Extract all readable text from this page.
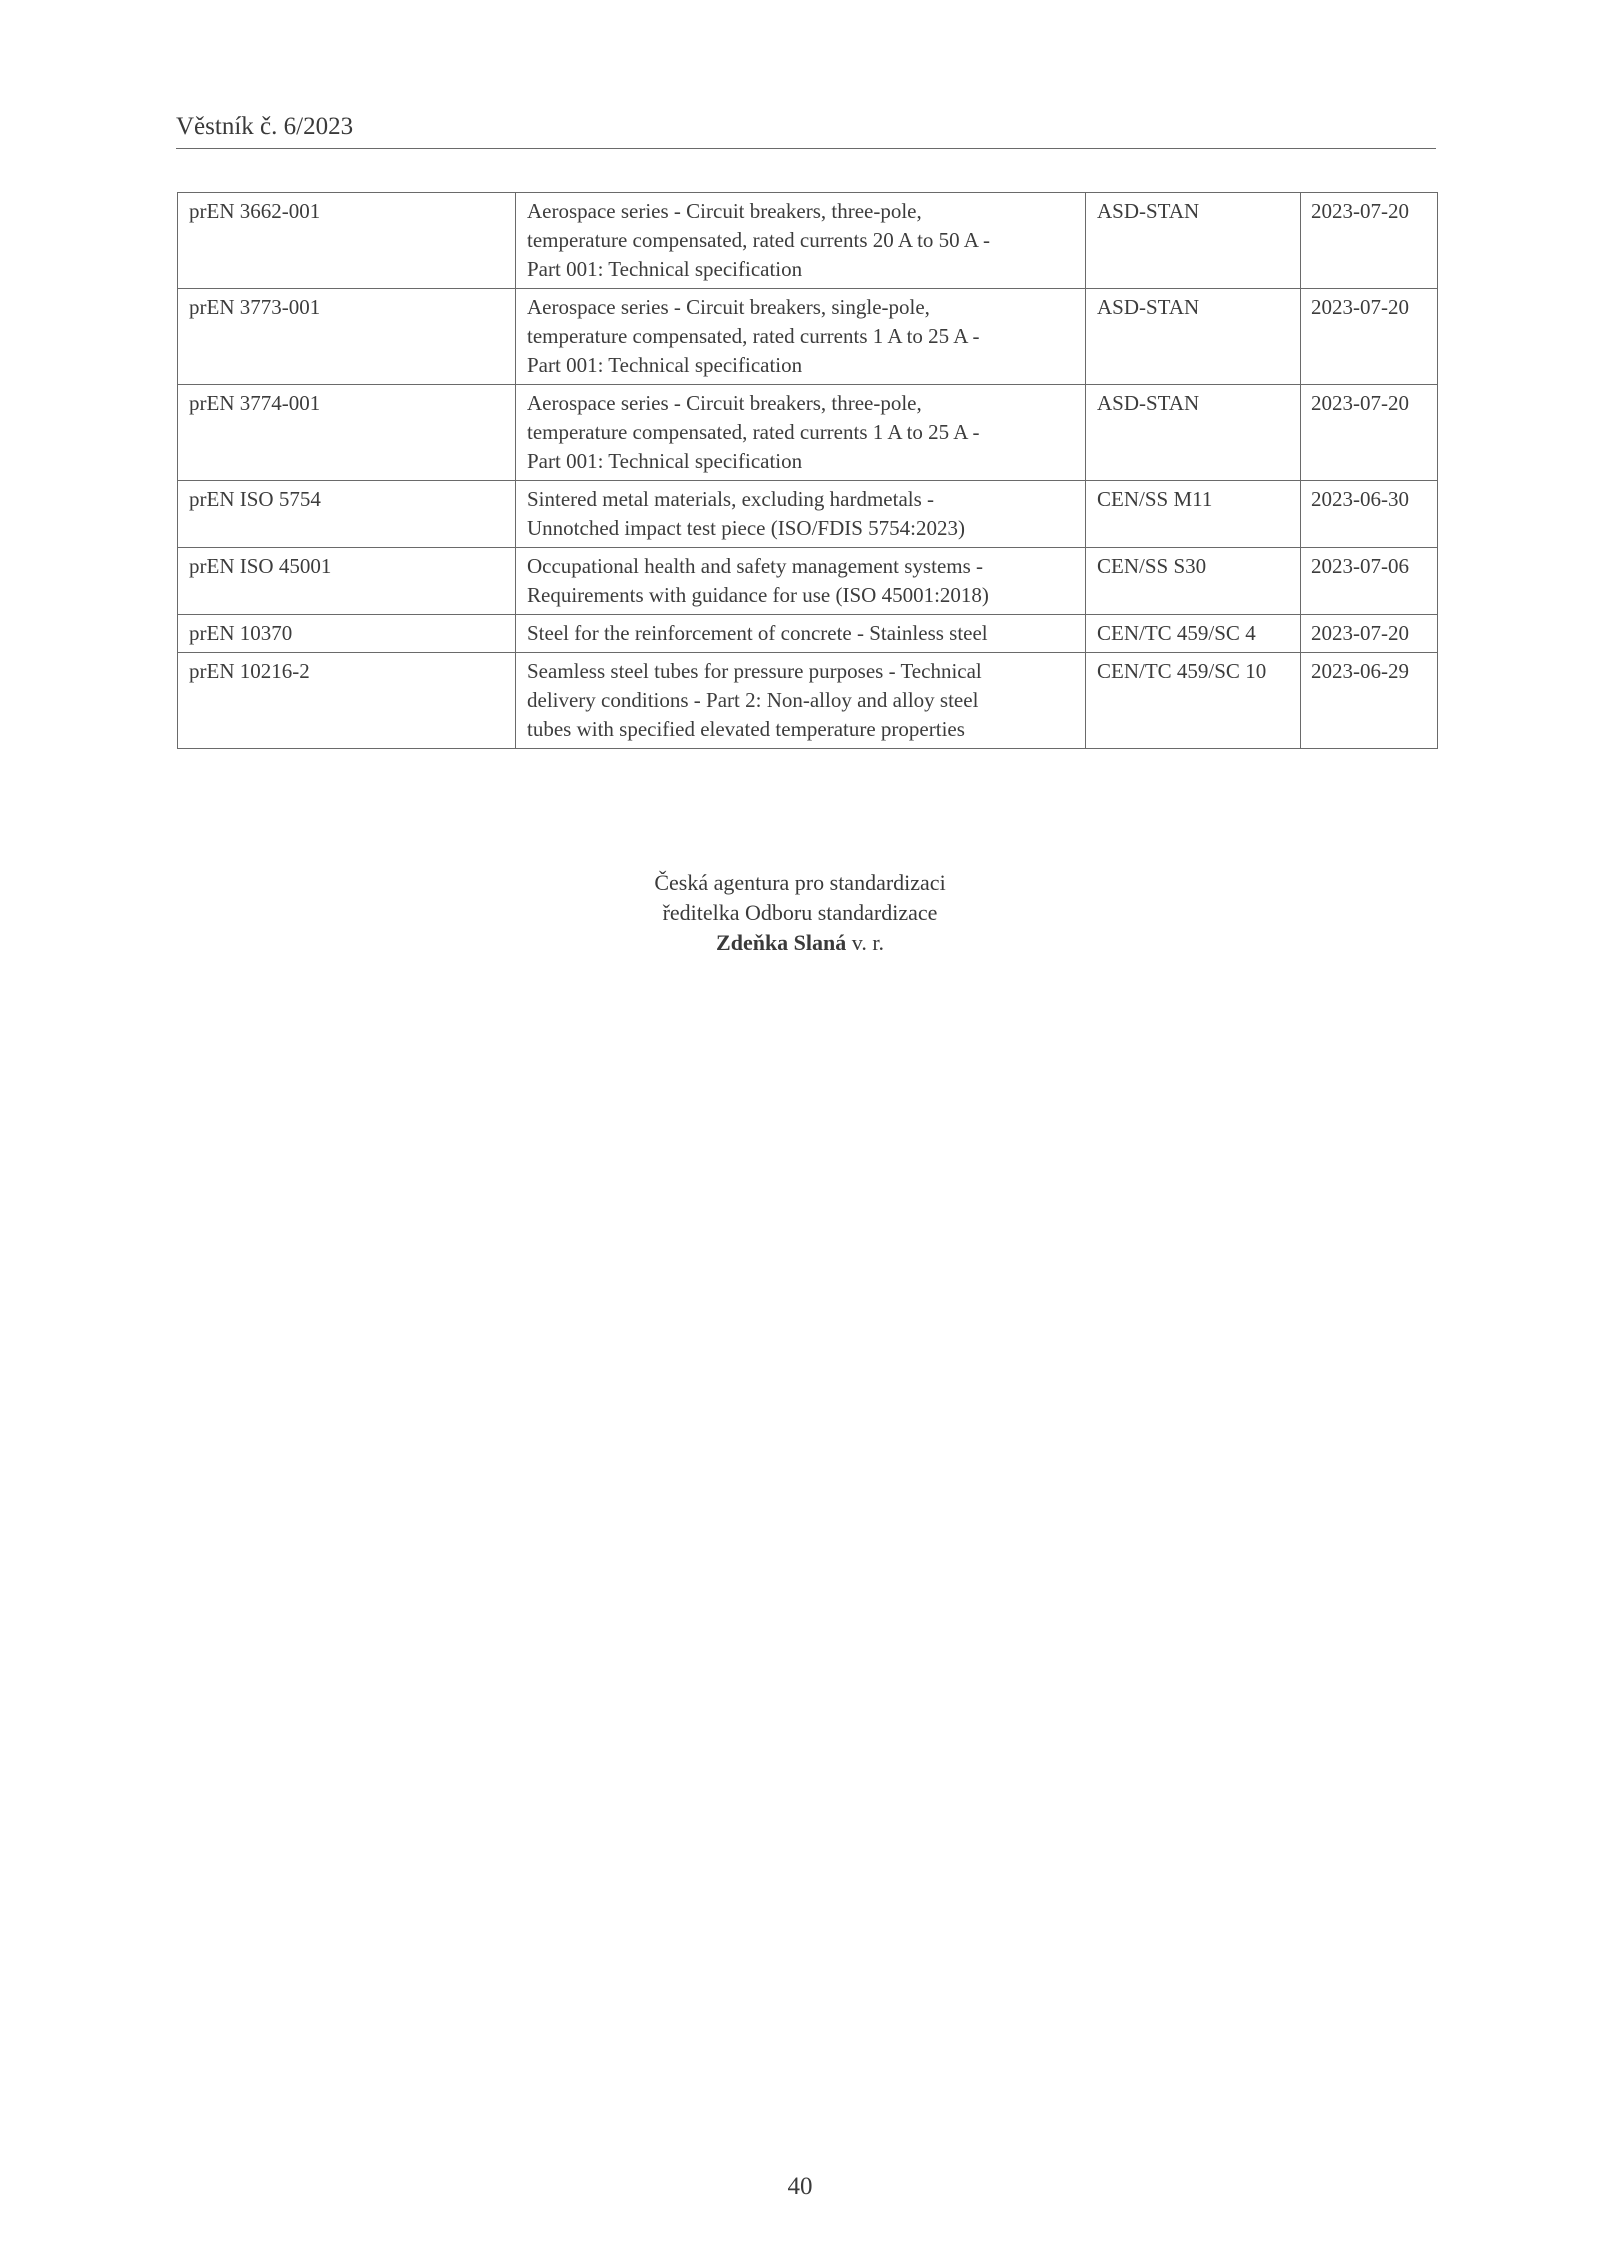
Věstník č. 6/2023
prEN 3662-001	Aerospace series - Circuit breakers, three-pole,
temperature compensated, rated currents 20 A to 50 A -
Part 001: Technical specification	ASD-STAN	2023-07-20
prEN 3773-001	Aerospace series - Circuit breakers, single-pole,
temperature compensated, rated currents 1 A to 25 A -
Part 001: Technical specification	ASD-STAN	2023-07-20
prEN 3774-001	Aerospace series - Circuit breakers, three-pole,
temperature compensated, rated currents 1 A to 25 A -
Part 001: Technical specification	ASD-STAN	2023-07-20
prEN ISO 5754	Sintered metal materials, excluding hardmetals -
Unnotched impact test piece (ISO/FDIS 5754:2023)	CEN/SS M11	2023-06-30
prEN ISO 45001	Occupational health and safety management systems -
Requirements with guidance for use (ISO 45001:2018)	CEN/SS S30	2023-07-06
prEN 10370	Steel for the reinforcement of concrete - Stainless steel	CEN/TC 459/SC 4	2023-07-20
prEN 10216-2	Seamless steel tubes for pressure purposes - Technical
delivery conditions - Part 2: Non-alloy and alloy steel
tubes with specified elevated temperature properties	CEN/TC 459/SC 10	2023-06-29
Česká agentura pro standardizaci
ředitelka Odboru standardizace
Zdeňka Slaná v. r.
40
